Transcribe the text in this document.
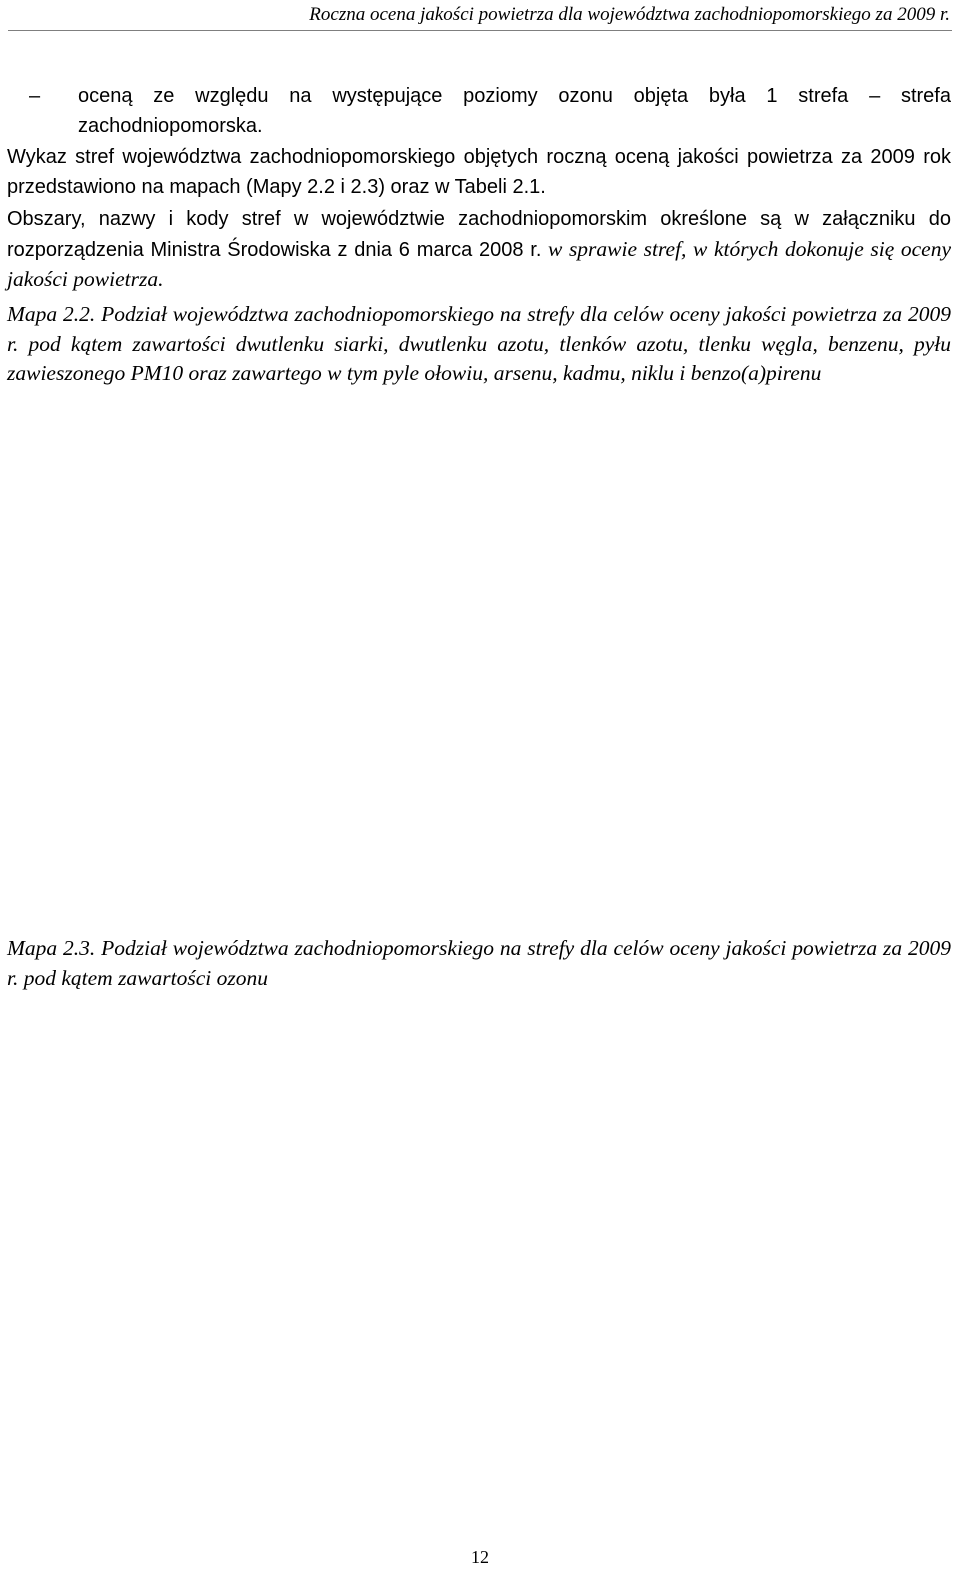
Roczna ocena jakości powietrza dla województwa zachodniopomorskiego za 2009 r.
–	oceną ze względu na występujące poziomy ozonu objęta była 1 strefa – strefa zachodniopomorska.
Wykaz stref województwa zachodniopomorskiego objętych roczną oceną jakości powietrza za 2009 rok przedstawiono na mapach (Mapy 2.2 i 2.3) oraz w Tabeli 2.1.
Obszary, nazwy i kody stref w województwie zachodniopomorskim określone są w załączniku do rozporządzenia Ministra Środowiska z dnia 6 marca 2008 r. w sprawie stref, w których dokonuje się oceny jakości powietrza.
Mapa 2.2. Podział województwa zachodniopomorskiego na strefy dla celów oceny jakości powietrza za 2009 r. pod kątem zawartości dwutlenku siarki, dwutlenku azotu, tlenków azotu, tlenku węgla, benzenu, pyłu zawieszonego PM10 oraz zawartego w tym pyle ołowiu, arsenu, kadmu, niklu i benzo(a)pirenu
Mapa 2.3. Podział województwa zachodniopomorskiego na strefy dla celów oceny jakości powietrza za 2009 r. pod kątem zawartości ozonu
12
